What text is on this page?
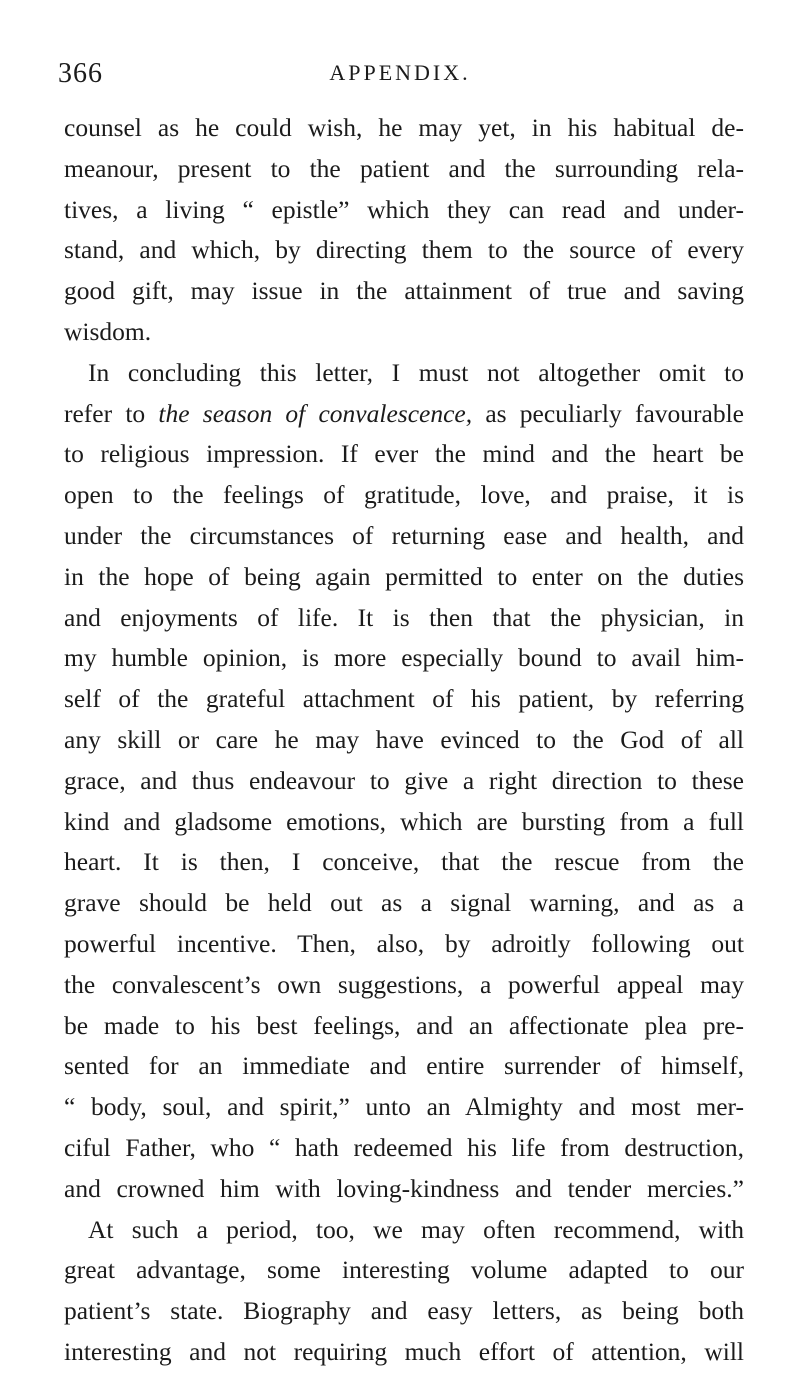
366	APPENDIX.
counsel as he could wish, he may yet, in his habitual de-
meanour, present to the patient and the surrounding rela-
tives, a living “ epistle” which they can read and under-
stand, and which, by directing them to the source of every
good gift, may issue in the attainment of true and saving
wisdom.
In concluding this letter, I must not altogether omit to
refer to the season of convalescence, as peculiarly favourable
to religious impression. If ever the mind and the heart be
open to the feelings of gratitude, love, and praise, it is
under the circumstances of returning ease and health, and
in the hope of being again permitted to enter on the duties
and enjoyments of life. It is then that the physician, in
my humble opinion, is more especially bound to avail him-
self of the grateful attachment of his patient, by referring
any skill or care he may have evinced to the God of all
grace, and thus endeavour to give a right direction to these
kind and gladsome emotions, which are bursting from a full
heart. It is then, I conceive, that the rescue from the
grave should be held out as a signal warning, and as a
powerful incentive. Then, also, by adroitly following out
the convalescent’s own suggestions, a powerful appeal may
be made to his best feelings, and an affectionate plea pre-
sented for an immediate and entire surrender of himself,
“ body, soul, and spirit,” unto an Almighty and most mer-
ciful Father, who “ hath redeemed his life from destruction,
and crowned him with loving-kindness and tender mercies.”
At such a period, too, we may often recommend, with
great advantage, some interesting volume adapted to our
patient’s state. Biography and easy letters, as being both
interesting and not requiring much effort of attention, will
